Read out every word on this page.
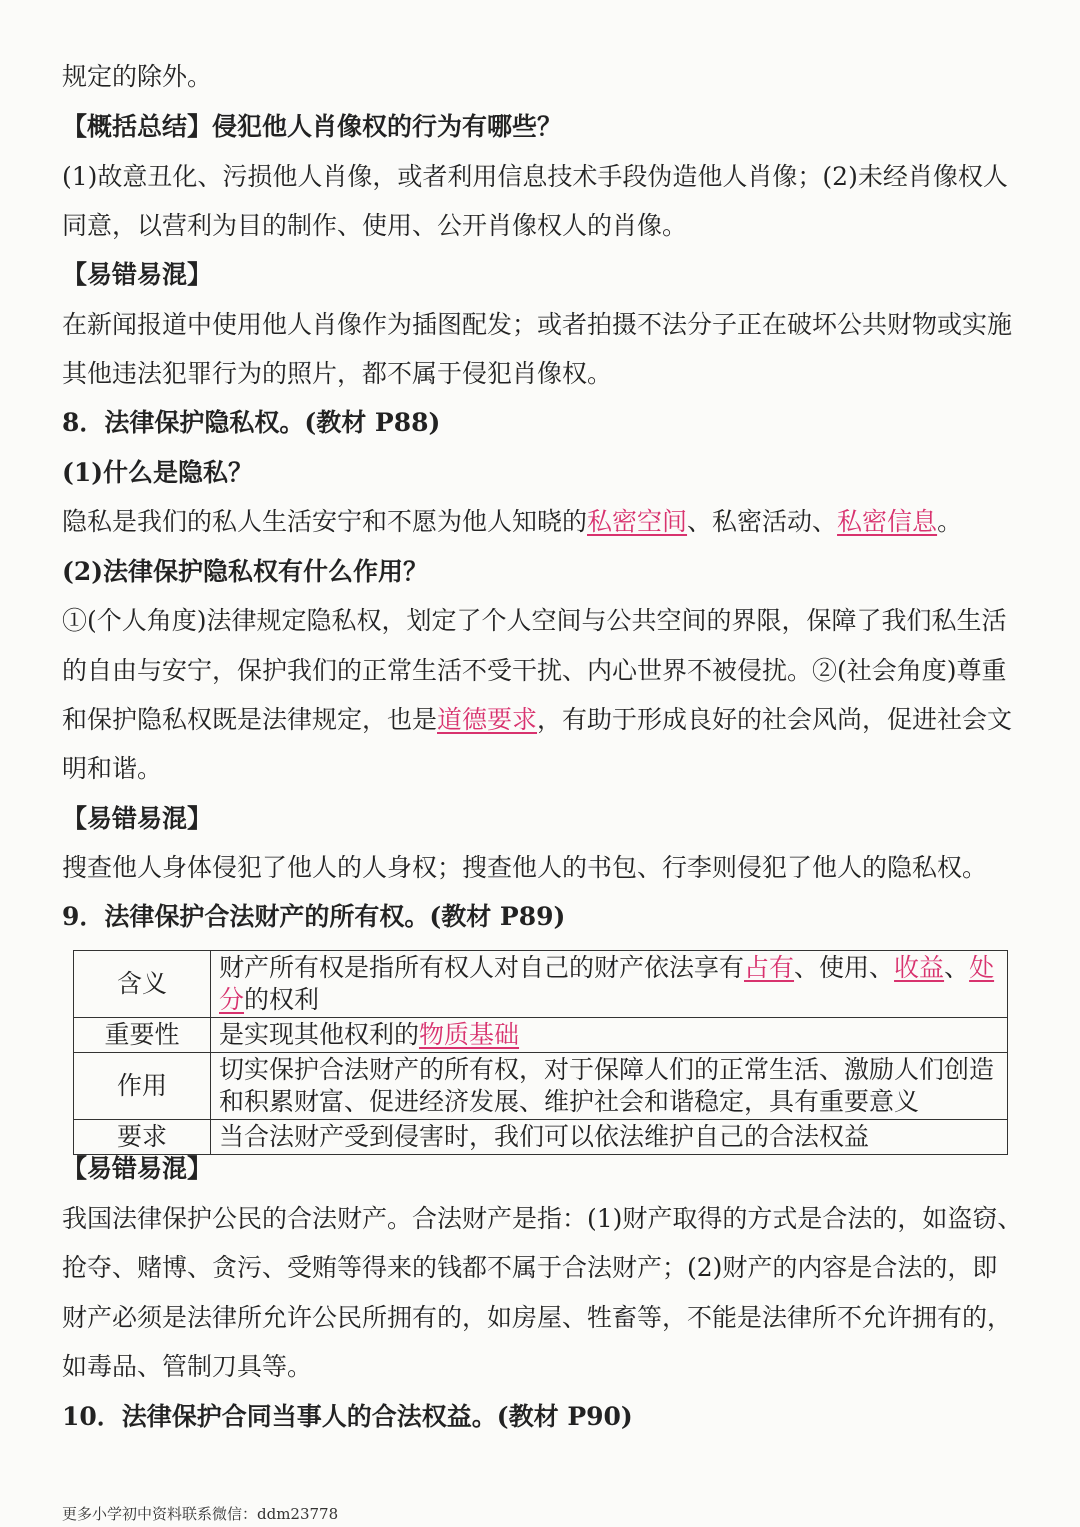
规定的除外。
【概括总结】侵犯他人肖像权的行为有哪些？
(1)故意丑化、污损他人肖像，或者利用信息技术手段伪造他人肖像；(2)未经肖像权人
同意，以营利为目的制作、使用、公开肖像权人的肖像。
【易错易混】
在新闻报道中使用他人肖像作为插图配发；或者拍摄不法分子正在破坏公共财物或实施
其他违法犯罪行为的照片，都不属于侵犯肖像权。
8．法律保护隐私权。(教材 P88)
(1)什么是隐私？
隐私是我们的私人生活安宁和不愿为他人知晓的私密空间、私密活动、私密信息。
(2)法律保护隐私权有什么作用？
①(个人角度)法律规定隐私权，划定了个人空间与公共空间的界限，保障了我们私生活
的自由与安宁，保护我们的正常生活不受干扰、内心世界不被侵扰。②(社会角度)尊重
和保护隐私权既是法律规定，也是道德要求，有助于形成良好的社会风尚，促进社会文
明和谐。
【易错易混】
搜查他人身体侵犯了他人的人身权；搜查他人的书包、行李则侵犯了他人的隐私权。
9．法律保护合法财产的所有权。(教材 P89)
含义	财产所有权是指所有权人对自己的财产依法享有占有、使用、收益、处
分的权利
重要性	是实现其他权利的物质基础
作用	切实保护合法财产的所有权，对于保障人们的正常生活、激励人们创造
和积累财富、促进经济发展、维护社会和谐稳定，具有重要意义
要求	当合法财产受到侵害时，我们可以依法维护自己的合法权益
【易错易混】
我国法律保护公民的合法财产。合法财产是指：(1)财产取得的方式是合法的，如盗窃、
抢夺、赌博、贪污、受贿等得来的钱都不属于合法财产；(2)财产的内容是合法的，即
财产必须是法律所允许公民所拥有的，如房屋、牲畜等，不能是法律所不允许拥有的，
如毒品、管制刀具等。
10．法律保护合同当事人的合法权益。(教材 P90)
更多小学初中资料联系微信：ddm23778
